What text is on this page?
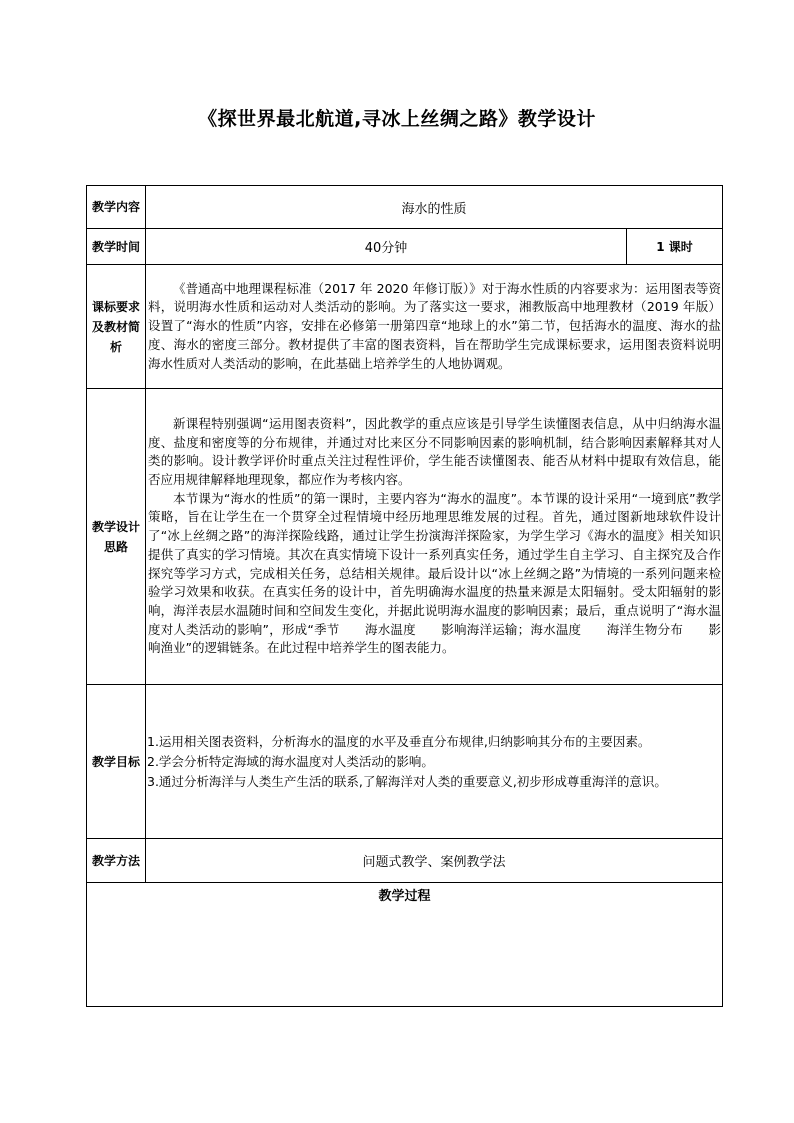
《探世界最北航道,寻冰上丝绸之路》教学设计
教学内容	海水的性质	
教学时间	40分钟	1 课时
课标要求及教材简析	《普通高中地理课程标准（2017 年 2020 年修订版）》对于海水性质的内容要求为：运用图表等资料，说明海水性质和运动对人类活动的影响。为了落实这一要求，湘教版高中地理教材（2019 年版）设置了“海水的性质”内容，安排在必修第一册第四章“地球上的水”第二节，包括海水的温度、海水的盐度、海水的密度三部分。教材提供了丰富的图表资料，旨在帮助学生完成课标要求，运用图表资料说明海水性质对人类活动的影响，在此基础上培养学生的人地协调观。	

教学设计思路	新课程特别强调“运用图表资料”，因此教学的重点应该是引导学生读懂图表信息，从中归纳海水温度、盐度和密度等的分布规律，并通过对比来区分不同影响因素的影响机制，结合影响因素解释其对人类的影响。设计教学评价时重点关注过程性评价，学生能否读懂图表、能否从材料中提取有效信息，能否应用规律解释地理现象，都应作为考核内容。

本节课为“海水的性质”的第一课时，主要内容为“海水的温度”。本节课的设计采用“一境到底”教学策略，旨在让学生在一个贯穿全过程情境中经历地理思维发展的过程。首先，通过图新地球软件设计了“冰上丝绸之路”的海洋探险线路，通过让学生扮演海洋探险家，为学生学习《海水的温度》相关知识提供了真实的学习情境。其次在真实情境下设计一系列真实任务，通过学生自主学习、自主探究及合作探究等学习方式，完成相关任务，总结相关规律。最后设计以“冰上丝绸之路”为情境的一系列问题来检验学习效果和收获。在真实任务的设计中，首先明确海水温度的热量来源是太阳辐射。受太阳辐射的影响，海洋表层水温随时间和空间发生变化，并据此说明海水温度的影响因素；最后，重点说明了“海水温度对人类活动的影响”，形成“季节　　海水温度　　影响海洋运输；海水温度　　海洋生物分布　　影响渔业”的逻辑链条。在此过程中培养学生的图表能力。	

教学目标	1.运用相关图表资料，分析海水的温度的水平及垂直分布规律,归纳影响其分布的主要因素。

2.学会分析特定海域的海水温度对人类活动的影响。

3.通过分析海洋与人类生产生活的联系,了解海洋对人类的重要意义,初步形成尊重海洋的意识。	

教学方法	问题式教学、案例教学法	

教学过程		
